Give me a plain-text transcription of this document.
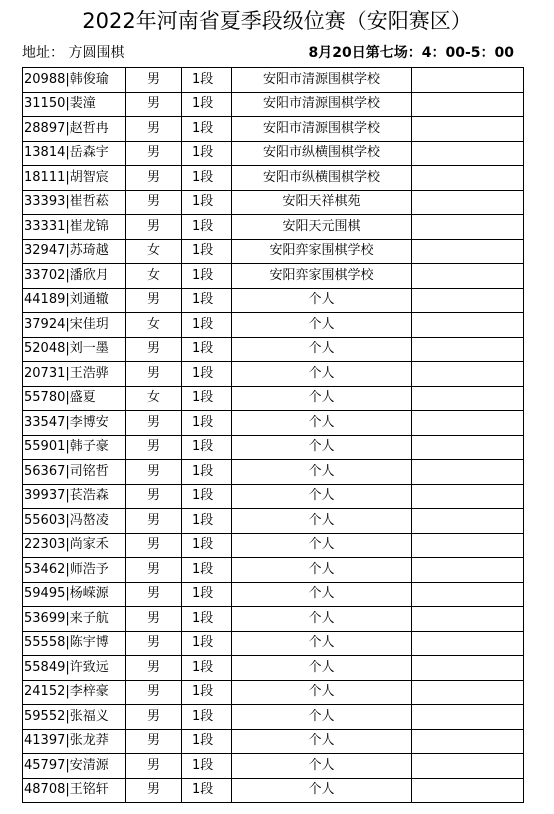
2022年河南省夏季段级位赛（安阳赛区）
地址： 方圆围棋	8月20日第七场：4：00-5：00
20988|韩俊瑜	男	1段	安阳市清源围棋学校	
31150|裴潼	男	1段	安阳市清源围棋学校	
28897|赵哲冉	男	1段	安阳市清源围棋学校	
13814|岳森宇	男	1段	安阳市纵横围棋学校	
18111|胡智宸	男	1段	安阳市纵横围棋学校	
33393|崔哲菘	男	1段	安阳天祥棋苑	
33331|崔龙锦	男	1段	安阳天元围棋	
32947|苏琦越	女	1段	安阳弈家围棋学校	
33702|潘欣月	女	1段	安阳弈家围棋学校	
44189|刘通辙	男	1段	个人	
37924|宋佳玥	女	1段	个人	
52048|刘一墨	男	1段	个人	
20731|王浩骅	男	1段	个人	
55780|盛夏	女	1段	个人	
33547|李博安	男	1段	个人	
55901|韩子豪	男	1段	个人	
56367|司铭哲	男	1段	个人	
39937|苌浩森	男	1段	个人	
55603|冯嶅凌	男	1段	个人	
22303|尚家禾	男	1段	个人	
53462|师浩予	男	1段	个人	
59495|杨嵘源	男	1段	个人	
53699|来子航	男	1段	个人	
55558|陈宇博	男	1段	个人	
55849|许致远	男	1段	个人	
24152|李梓豪	男	1段	个人	
59552|张福义	男	1段	个人	
41397|张龙莽	男	1段	个人	
45797|安清源	男	1段	个人	
48708|王铭轩	男	1段	个人	
